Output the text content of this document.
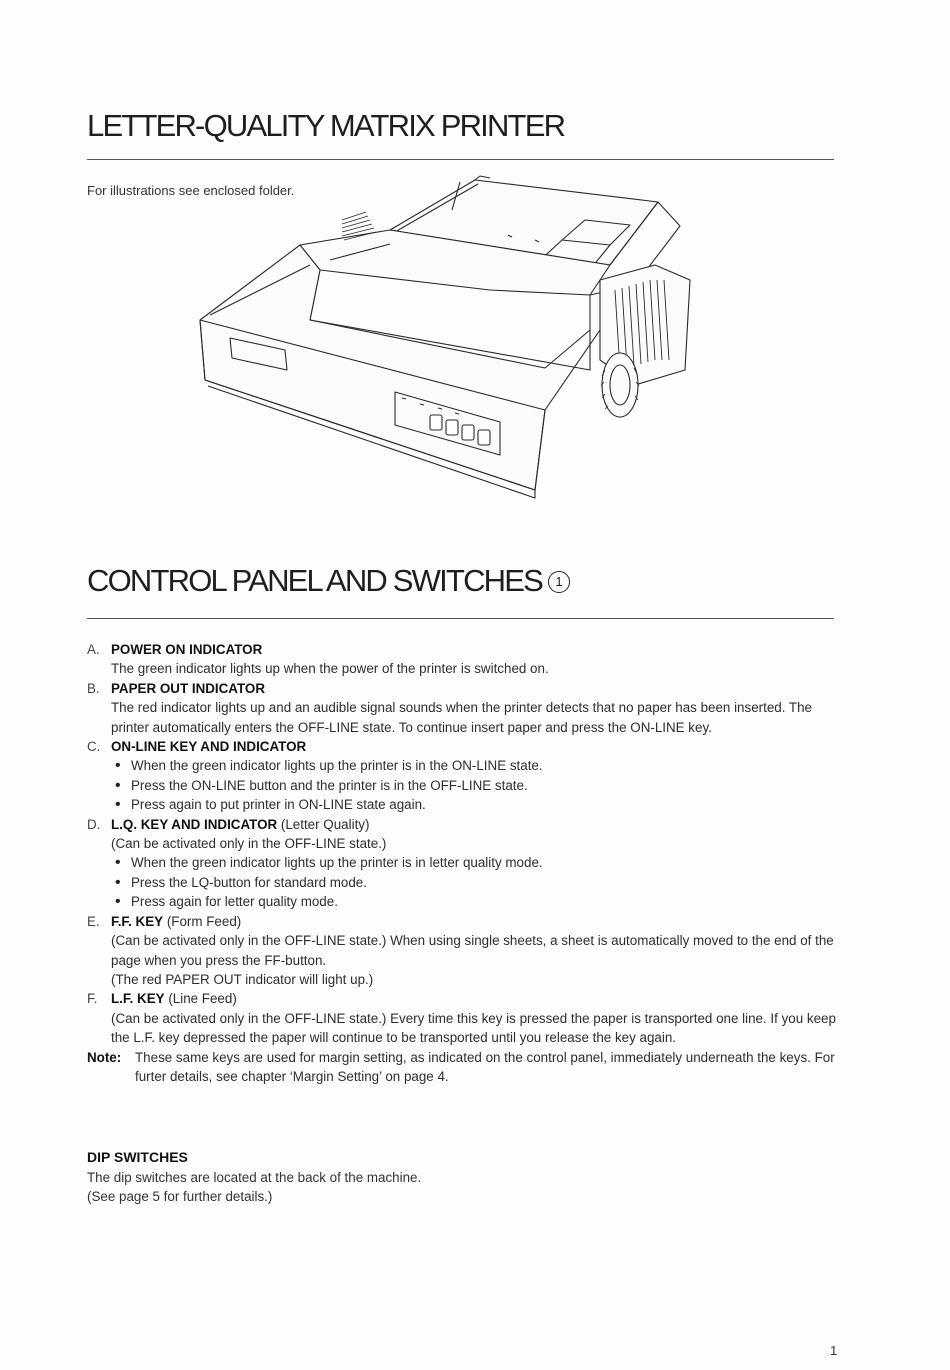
LETTER-QUALITY MATRIX PRINTER
For illustrations see enclosed folder.
CONTROL PANEL AND SWITCHES 1
A. POWER ON INDICATOR
The green indicator lights up when the power of the printer is switched on.
B. PAPER OUT INDICATOR
The red indicator lights up and an audible signal sounds when the printer detects that no paper has been inserted. The printer automatically enters the OFF-LINE state. To continue insert paper and press the ON-LINE key.
C. ON-LINE KEY AND INDICATOR
• When the green indicator lights up the printer is in the ON-LINE state.
• Press the ON-LINE button and the printer is in the OFF-LINE state.
• Press again to put printer in ON-LINE state again.
D. L.Q. KEY AND INDICATOR (Letter Quality)
(Can be activated only in the OFF-LINE state.)
• When the green indicator lights up the printer is in letter quality mode.
• Press the LQ-button for standard mode.
• Press again for letter quality mode.
E. F.F. KEY (Form Feed)
(Can be activated only in the OFF-LINE state.) When using single sheets, a sheet is automatically moved to the end of the page when you press the FF-button.
(The red PAPER OUT indicator will light up.)
F.	L.F. KEY (Line Feed)
(Can be activated only in the OFF-LINE state.) Every time this key is pressed the paper is transported one line. If you keep the L.F. key depressed the paper will continue to be transported until you release the key again.
Note: These same keys are used for margin setting, as indicated on the control panel, immediately underneath the keys. For furter details, see chapter ‘Margin Setting’ on page 4.
DIP SWITCHES
The dip switches are located at the back of the machine.
(See page 5 for further details.)
1
